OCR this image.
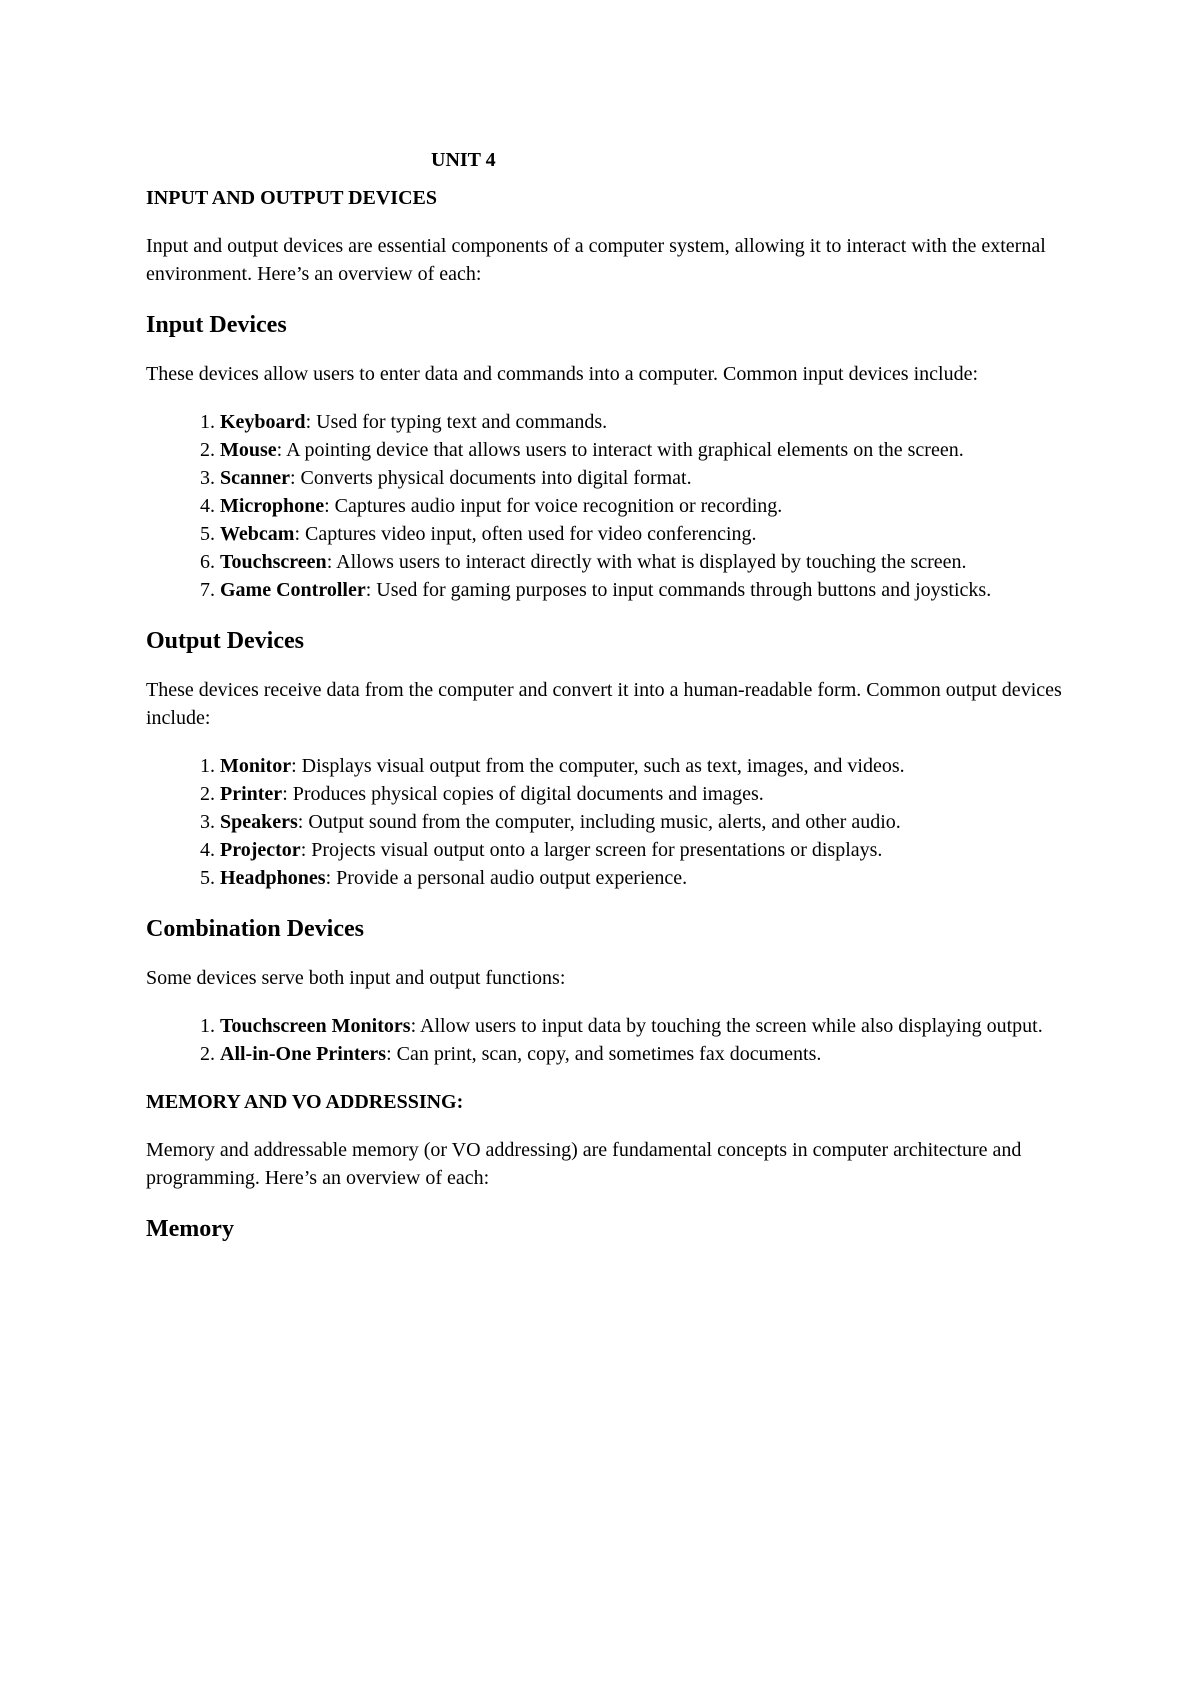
UNIT 4

INPUT AND OUTPUT DEVICES

Input and output devices are essential components of a computer system, allowing it to interact with the external environment. Here’s an overview of each:

Input Devices

These devices allow users to enter data and commands into a computer. Common input devices include:

1. Keyboard: Used for typing text and commands.
2. Mouse: A pointing device that allows users to interact with graphical elements on the screen.
3. Scanner: Converts physical documents into digital format.
4. Microphone: Captures audio input for voice recognition or recording.
5. Webcam: Captures video input, often used for video conferencing.
6. Touchscreen: Allows users to interact directly with what is displayed by touching the screen.
7. Game Controller: Used for gaming purposes to input commands through buttons and joysticks.
Output Devices

These devices receive data from the computer and convert it into a human-readable form. Common output devices include:

1. Monitor: Displays visual output from the computer, such as text, images, and videos.
2. Printer: Produces physical copies of digital documents and images.
3. Speakers: Output sound from the computer, including music, alerts, and other audio.
4. Projector: Projects visual output onto a larger screen for presentations or displays.
5. Headphones: Provide a personal audio output experience.
Combination Devices

Some devices serve both input and output functions:

1. Touchscreen Monitors: Allow users to input data by touching the screen while also displaying output.
2. All-in-One Printers: Can print, scan, copy, and sometimes fax documents.

MEMORY AND VO ADDRESSING:

Memory and addressable memory (or VO addressing) are fundamental concepts in computer architecture and programming. Here’s an overview of each:

Memory
